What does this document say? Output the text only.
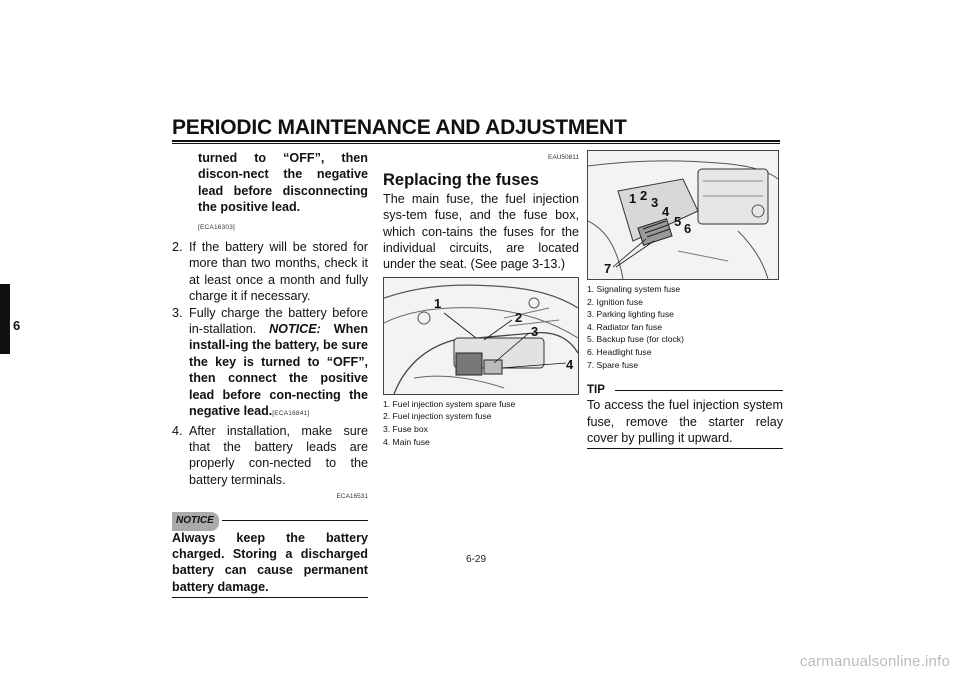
PERIODIC MAINTENANCE AND ADJUSTMENT
6
turned to “OFF”, then discon-nect the negative lead before disconnecting the positive lead.
[ECA16303]
2. If the battery will be stored for more than two months, check it at least once a month and fully charge it if necessary.
3. Fully charge the battery before in-stallation. NOTICE: When install-ing the battery, be sure the key is turned to “OFF”, then connect the positive lead before con-necting the negative lead.[ECA16841]
4. After installation, make sure that the battery leads are properly con-nected to the battery terminals.
ECA16531
NOTICE
Always keep the battery charged. Storing a discharged battery can cause permanent battery damage.
EAU50811
Replacing the fuses
The main fuse, the fuel injection sys-tem fuse, and the fuse box, which con-tains the fuses for the individual circuits, are located under the seat. (See page 3-13.)
1
2
3
4
1. Fuel injection system spare fuse
2. Fuel injection system fuse
3. Fuse box
4. Main fuse
1 2 3
4
5 6
7
1. Signaling system fuse
2. Ignition fuse
3. Parking lighting fuse
4. Radiator fan fuse
5. Backup fuse (for clock)
6. Headlight fuse
7. Spare fuse
TIP
To access the fuel injection system fuse, remove the starter relay cover by pulling it upward.
6-29
carmanualsonline.info
